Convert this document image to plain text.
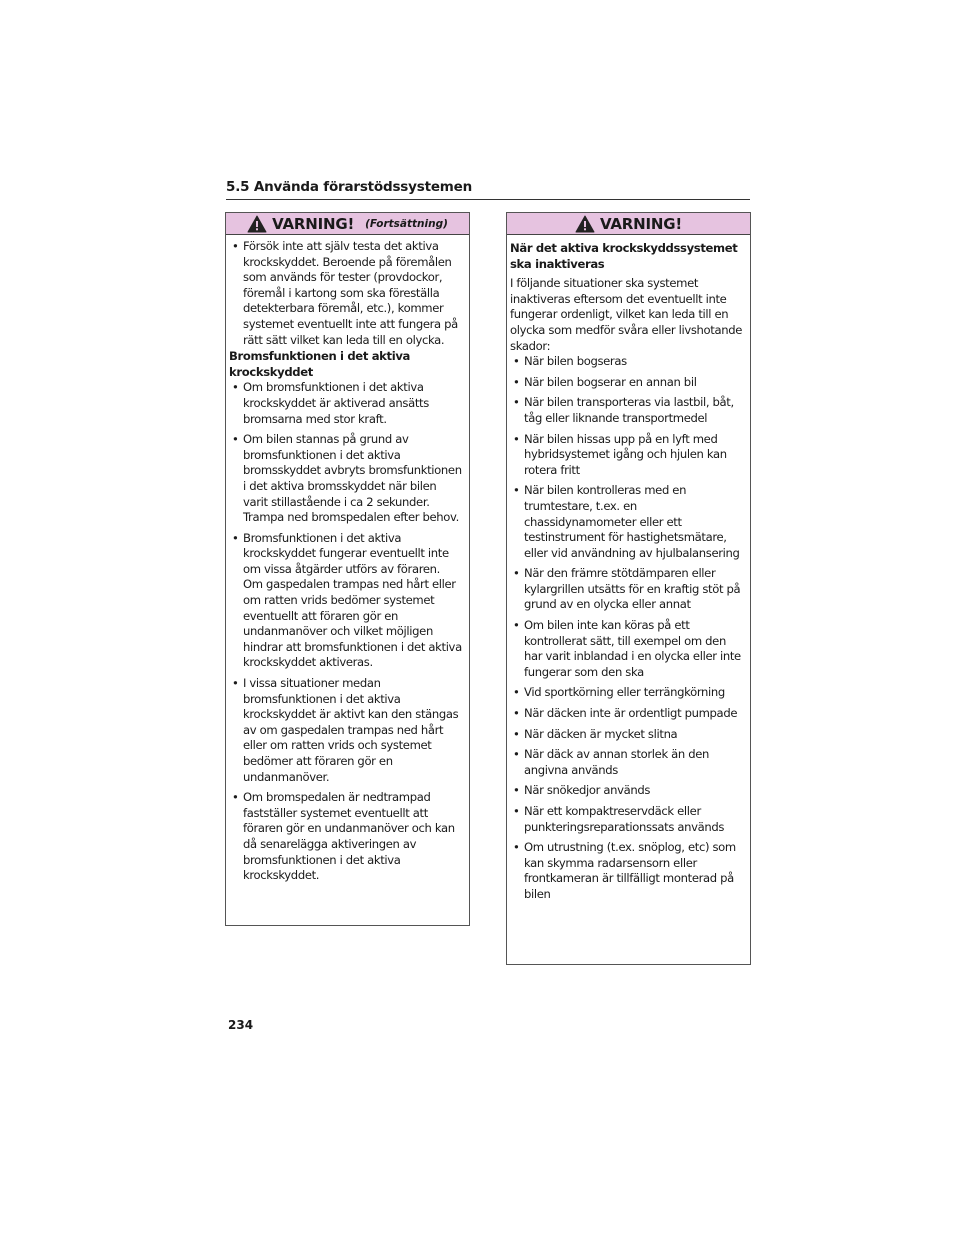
5.5 Använda förarstödssystemen
VARNING! (Fortsättning)
• Försök inte att själv testa det aktiva krockskyddet. Beroende på föremålen som används för tester (provdockor, föremål i kartong som ska föreställa detekterbara föremål, etc.), kommer systemet eventuellt inte att fungera på rätt sätt vilket kan leda till en olycka.
Bromsfunktionen i det aktiva krockskyddet
• Om bromsfunktionen i det aktiva krockskyddet är aktiverad ansätts bromsarna med stor kraft.
• Om bilen stannas på grund av bromsfunktionen i det aktiva bromsskyddet avbryts bromsfunktionen i det aktiva bromsskyddet när bilen varit stillastående i ca 2 sekunder. Trampa ned bromspedalen efter behov.
• Bromsfunktionen i det aktiva krockskyddet fungerar eventuellt inte om vissa åtgärder utförs av föraren. Om gaspedalen trampas ned hårt eller om ratten vrids bedömer systemet eventuellt att föraren gör en undanmanöver och vilket möjligen hindrar att bromsfunktionen i det aktiva krockskyddet aktiveras.
• I vissa situationer medan bromsfunktionen i det aktiva krockskyddet är aktivt kan den stängas av om gaspedalen trampas ned hårt eller om ratten vrids och systemet bedömer att föraren gör en undanmanöver.
• Om bromspedalen är nedtrampad fastställer systemet eventuellt att föraren gör en undanmanöver och kan då senarelägga aktiveringen av bromsfunktionen i det aktiva krockskyddet.
VARNING!
När det aktiva krockskyddssystemet ska inaktiveras
I följande situationer ska systemet inaktiveras eftersom det eventuellt inte fungerar ordenligt, vilket kan leda till en olycka som medför svåra eller livshotande skador:
• När bilen bogseras
• När bilen bogserar en annan bil
• När bilen transporteras via lastbil, båt, tåg eller liknande transportmedel
• När bilen hissas upp på en lyft med hybridsystemet igång och hjulen kan rotera fritt
• När bilen kontrolleras med en trumtestare, t.ex. en chassidynamometer eller ett testinstrument för hastighetsmätare, eller vid användning av hjulbalansering
• När den främre stötdämparen eller kylargrillen utsätts för en kraftig stöt på grund av en olycka eller annat
• Om bilen inte kan köras på ett kontrollerat sätt, till exempel om den har varit inblandad i en olycka eller inte fungerar som den ska
• Vid sportkörning eller terrängkörning
• När däcken inte är ordentligt pumpade
• När däcken är mycket slitna
• När däck av annan storlek än den angivna används
• När snökedjor används
• När ett kompaktreservdäck eller punkteringsreparationssats används
• Om utrustning (t.ex. snöplog, etc) som kan skymma radarsensorn eller frontkameran är tillfälligt monterad på bilen
234
